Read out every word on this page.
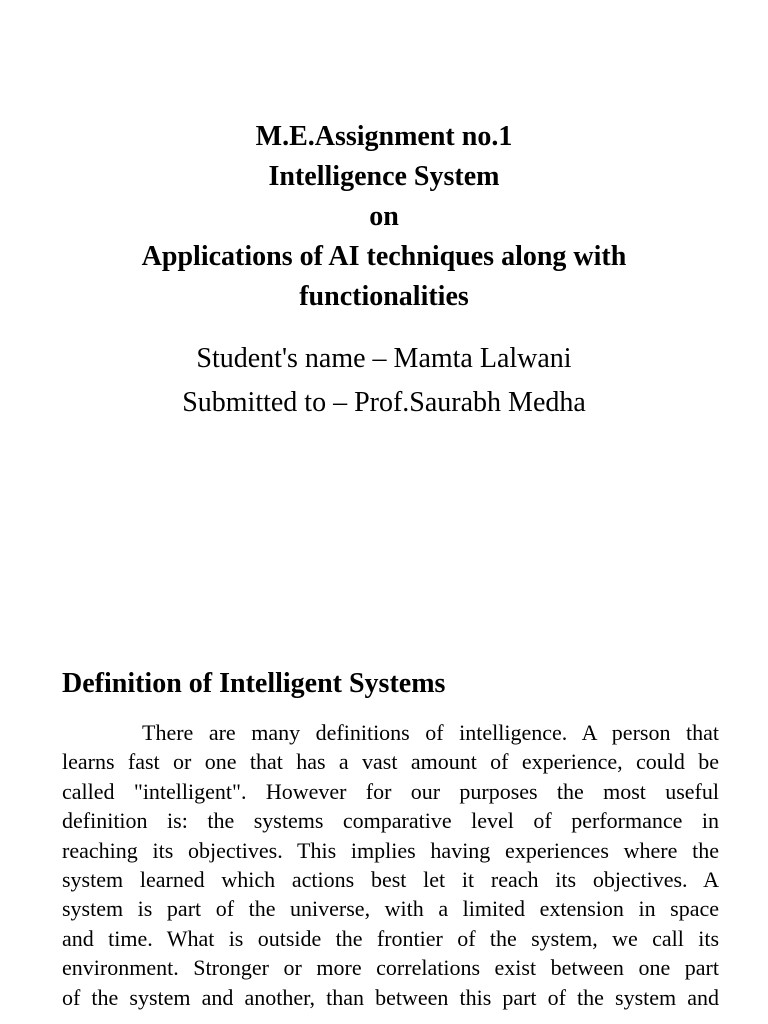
M.E.Assignment no.1
Intelligence System
on
Applications of AI techniques along with
functionalities
Student's name – Mamta Lalwani
Submitted to – Prof.Saurabh Medha
Definition of Intelligent Systems
There are many definitions of intelligence. A person that
learns fast or one that has a vast amount of experience, could be
called "intelligent". However for our purposes the most useful
definition is: the systems comparative level of performance in
reaching its objectives. This implies having experiences where the
system learned which actions best let it reach its objectives. A
system is part of the universe, with a limited extension in space
and time. What is outside the frontier of the system, we call its
environment. Stronger or more correlations exist between one part
of the system and another, than between this part of the system and
